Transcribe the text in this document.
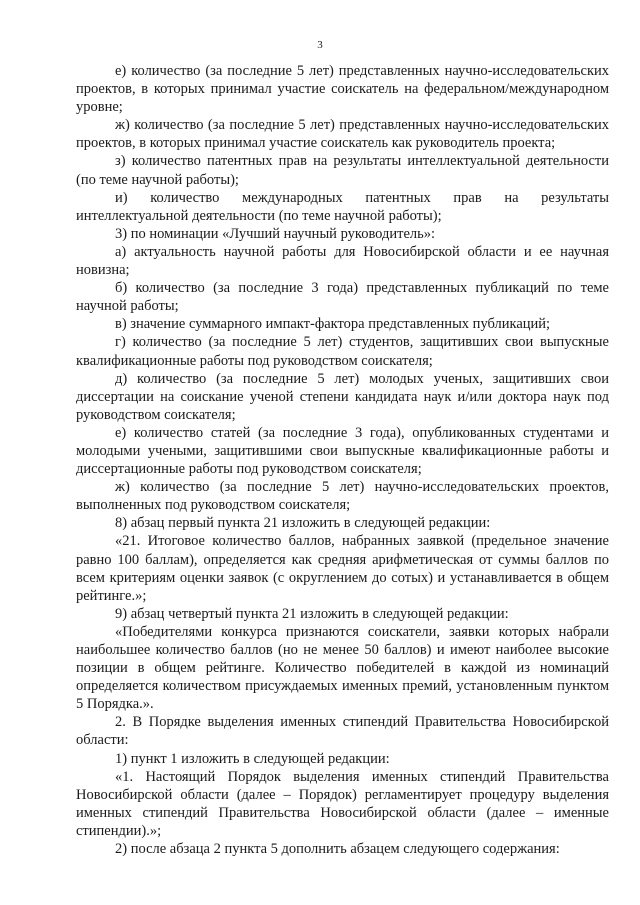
3

е) количество (за последние 5 лет) представленных научно-исследовательских проектов, в которых принимал участие соискатель на федеральном/международном уровне;

ж) количество (за последние 5 лет) представленных научно-исследовательских проектов, в которых принимал участие соискатель как руководитель проекта;

з) количество патентных прав на результаты интеллектуальной деятельности (по теме научной работы);

и) количество международных патентных прав на результаты интеллектуальной деятельности (по теме научной работы);

3) по номинации «Лучший научный руководитель»:

а) актуальность научной работы для Новосибирской области и ее научная новизна;

б) количество (за последние 3 года) представленных публикаций по теме научной работы;

в) значение суммарного импакт-фактора представленных публикаций;

г) количество (за последние 5 лет) студентов, защитивших свои выпускные квалификационные работы под руководством соискателя;

д) количество (за последние 5 лет) молодых ученых, защитивших свои диссертации на соискание ученой степени кандидата наук и/или доктора наук под руководством соискателя;

е) количество статей (за последние 3 года), опубликованных студентами и молодыми учеными, защитившими свои выпускные квалификационные работы и диссертационные работы под руководством соискателя;

ж) количество (за последние 5 лет) научно-исследовательских проектов, выполненных под руководством соискателя;

8) абзац первый пункта 21 изложить в следующей редакции:

«21. Итоговое количество баллов, набранных заявкой (предельное значение равно 100 баллам), определяется как средняя арифметическая от суммы баллов по всем критериям оценки заявок (с округлением до сотых) и устанавливается в общем рейтинге.»;

9) абзац четвертый пункта 21 изложить в следующей редакции:

«Победителями конкурса признаются соискатели, заявки которых набрали наибольшее количество баллов (но не менее 50 баллов) и имеют наиболее высокие позиции в общем рейтинге. Количество победителей в каждой из номинаций определяется количеством присуждаемых именных премий, установленным пунктом 5 Порядка.».

2. В Порядке выделения именных стипендий Правительства Новосибирской области:

1) пункт 1 изложить в следующей редакции:

«1. Настоящий Порядок выделения именных стипендий Правительства Новосибирской области (далее – Порядок) регламентирует процедуру выделения именных стипендий Правительства Новосибирской области (далее – именные стипендии).»;

2) после абзаца 2 пункта 5 дополнить абзацем следующего содержания:
